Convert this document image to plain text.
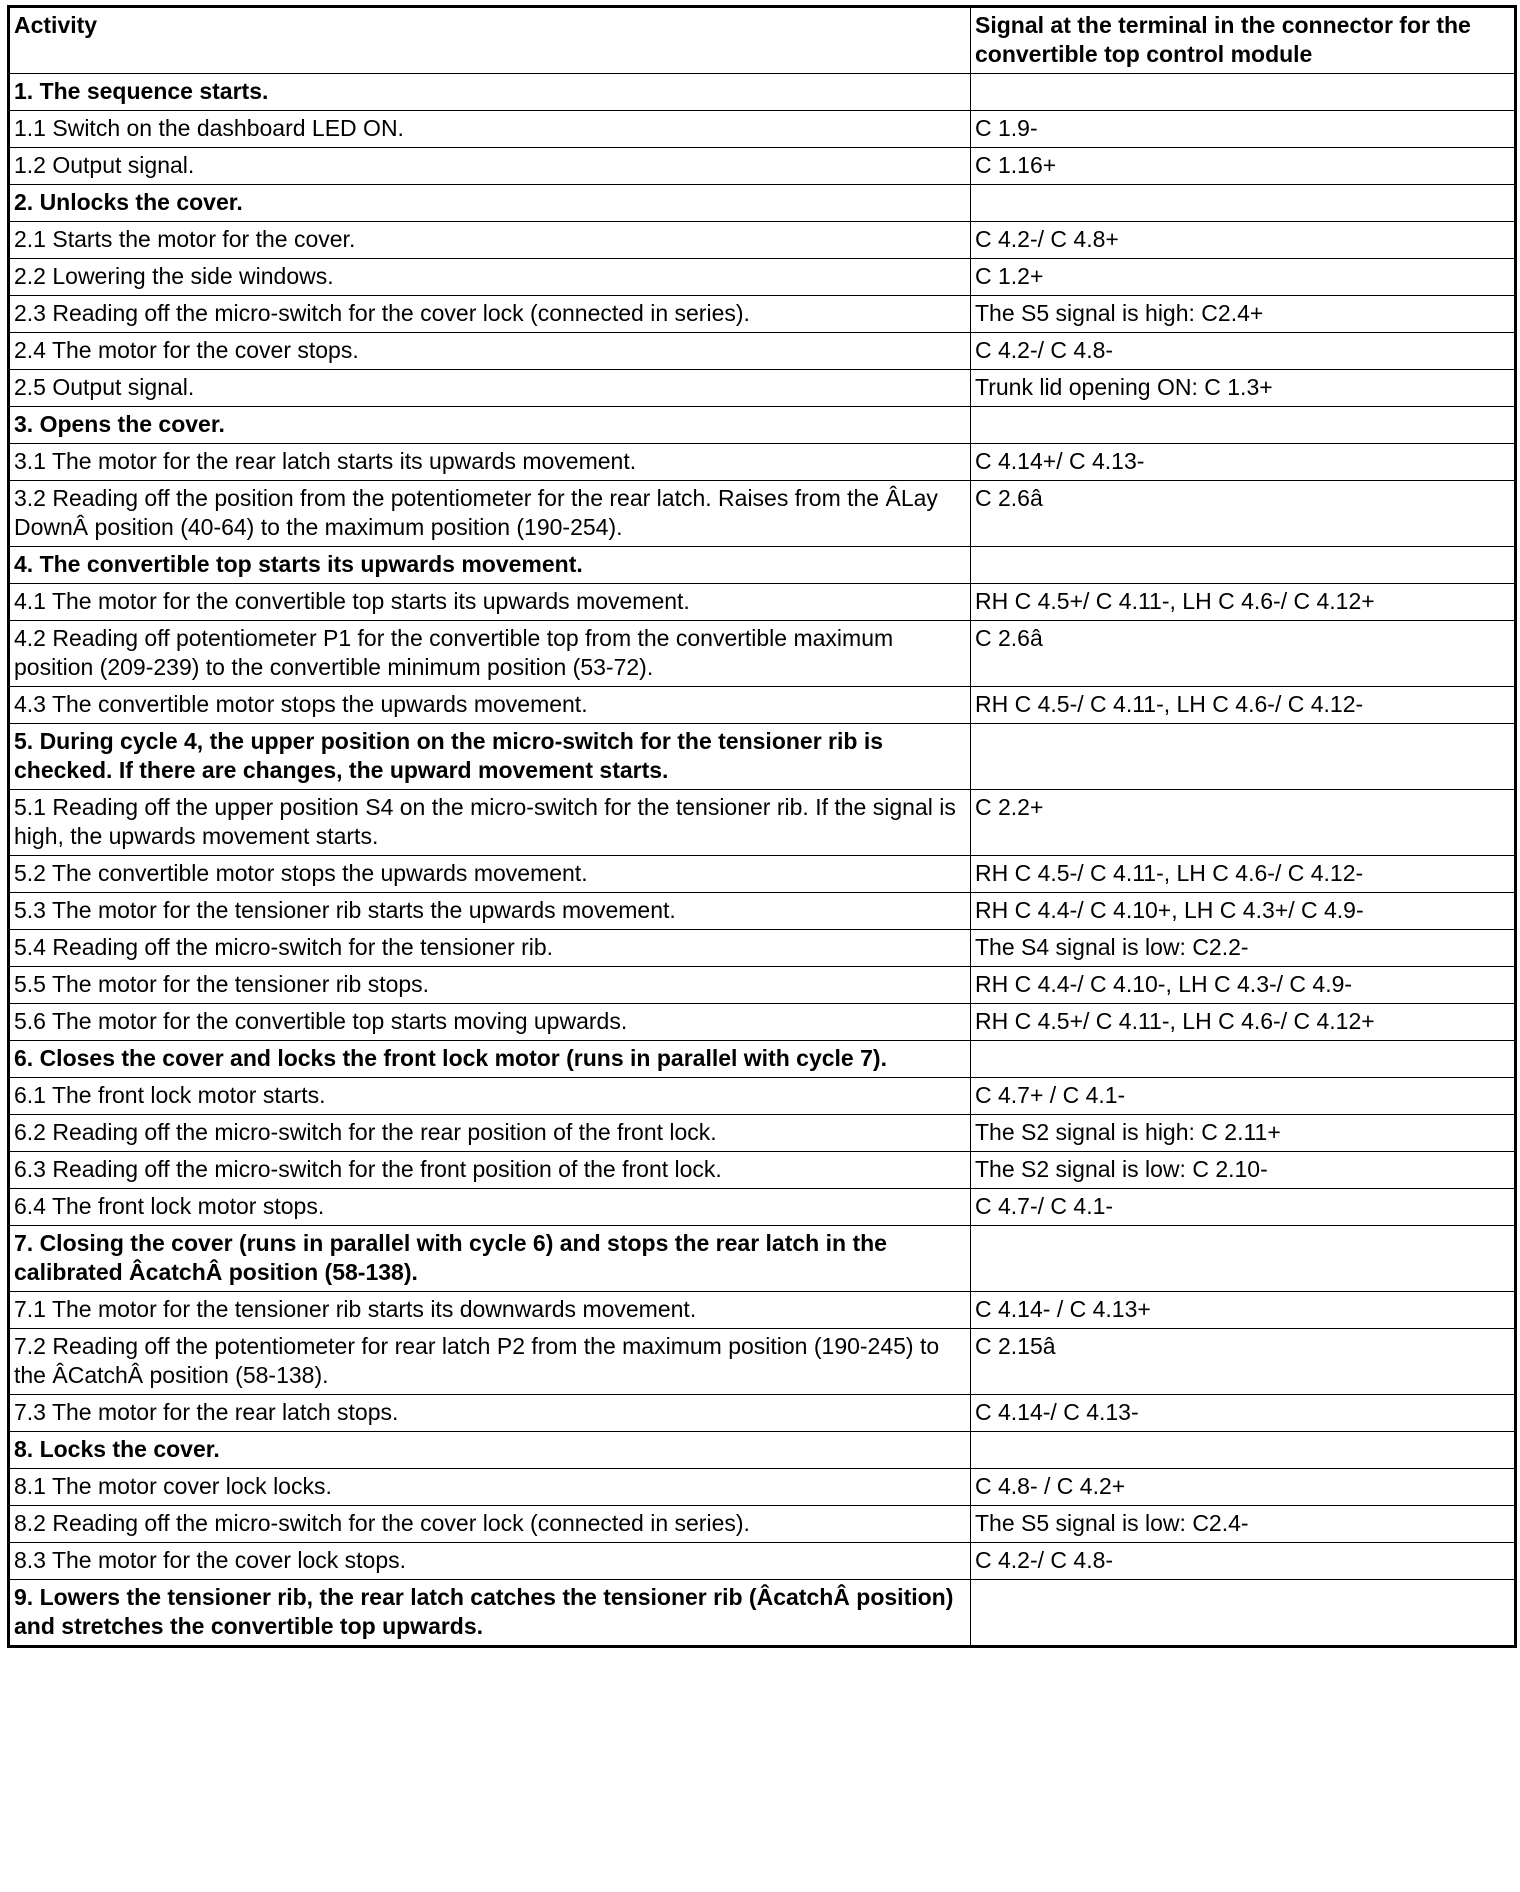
Activity	Signal at the terminal in the connector for the convertible top control module
1. The sequence starts.	
1.1 Switch on the dashboard LED ON.	C 1.9-
1.2 Output signal.	C 1.16+
2. Unlocks the cover.	
2.1 Starts the motor for the cover.	C 4.2-/ C 4.8+
2.2 Lowering the side windows.	C 1.2+
2.3 Reading off the micro-switch for the cover lock (connected in series).	The S5 signal is high: C2.4+
2.4 The motor for the cover stops.	C 4.2-/ C 4.8-
2.5 Output signal.	Trunk lid opening ON: C 1.3+
3. Opens the cover.	
3.1 The motor for the rear latch starts its upwards movement.	C 4.14+/ C 4.13-
3.2 Reading off the position from the potentiometer for the rear latch. Raises from the ÂLay DownÂ position (40-64) to the maximum position (190-254).	C 2.6â
4. The convertible top starts its upwards movement.	
4.1 The motor for the convertible top starts its upwards movement.	RH C 4.5+/ C 4.11-, LH C 4.6-/ C 4.12+
4.2 Reading off potentiometer P1 for the convertible top from the convertible maximum position (209-239) to the convertible minimum position (53-72).	C 2.6â
4.3 The convertible motor stops the upwards movement.	RH C 4.5-/ C 4.11-, LH C 4.6-/ C 4.12-
5. During cycle 4, the upper position on the micro-switch for the tensioner rib is checked. If there are changes, the upward movement starts.	
5.1 Reading off the upper position S4 on the micro-switch for the tensioner rib. If the signal is high, the upwards movement starts.	C 2.2+
5.2 The convertible motor stops the upwards movement.	RH C 4.5-/ C 4.11-, LH C 4.6-/ C 4.12-
5.3 The motor for the tensioner rib starts the upwards movement.	RH C 4.4-/ C 4.10+, LH C 4.3+/ C 4.9-
5.4 Reading off the micro-switch for the tensioner rib.	The S4 signal is low: C2.2-
5.5 The motor for the tensioner rib stops.	RH C 4.4-/ C 4.10-, LH C 4.3-/ C 4.9-
5.6 The motor for the convertible top starts moving upwards.	RH C 4.5+/ C 4.11-, LH C 4.6-/ C 4.12+
6. Closes the cover and locks the front lock motor (runs in parallel with cycle 7).	
6.1 The front lock motor starts.	C 4.7+ / C 4.1-
6.2 Reading off the micro-switch for the rear position of the front lock.	The S2 signal is high: C 2.11+
6.3 Reading off the micro-switch for the front position of the front lock.	The S2 signal is low: C 2.10-
6.4 The front lock motor stops.	C 4.7-/ C 4.1-
7. Closing the cover (runs in parallel with cycle 6) and stops the rear latch in the calibrated ÂcatchÂ position (58-138).	
7.1 The motor for the tensioner rib starts its downwards movement.	C 4.14- / C 4.13+
7.2 Reading off the potentiometer for rear latch P2 from the maximum position (190-245) to the ÂCatchÂ position (58-138).	C 2.15â
7.3 The motor for the rear latch stops.	C 4.14-/ C 4.13-
8. Locks the cover.	
8.1 The motor cover lock locks.	C 4.8- / C 4.2+
8.2 Reading off the micro-switch for the cover lock (connected in series).	The S5 signal is low: C2.4-
8.3 The motor for the cover lock stops.	C 4.2-/ C 4.8-
9. Lowers the tensioner rib, the rear latch catches the tensioner rib (ÂcatchÂ position) and stretches the convertible top upwards.	
